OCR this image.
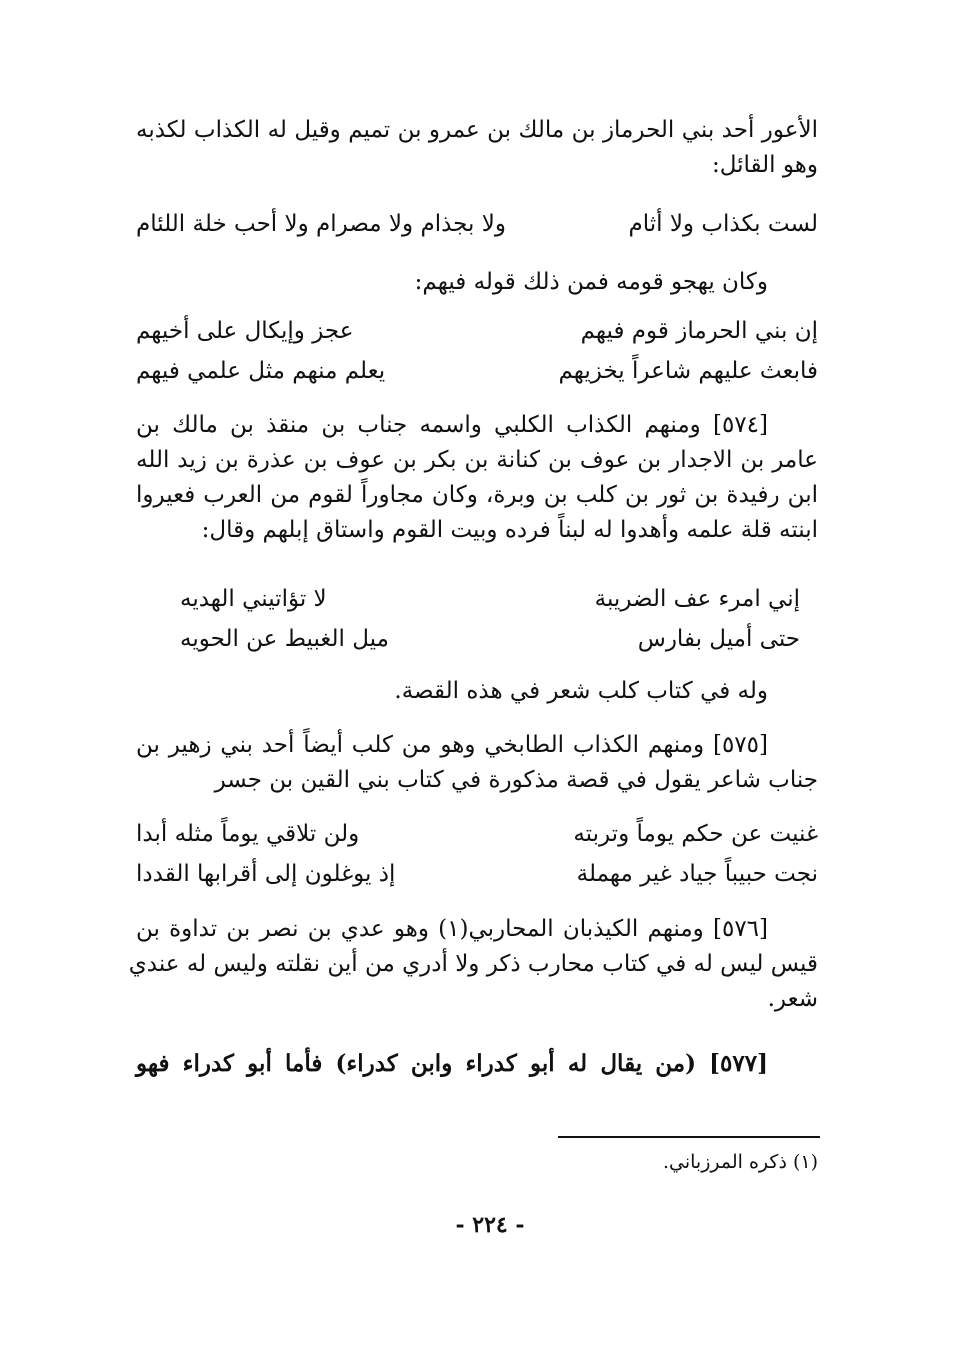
الأعور أحد بني الحرماز بن مالك بن عمرو بن تميم وقيل له الكذاب لكذبه
وهو القائل:
لست بكذاب ولا أثام
ولا بجذام ولا مصرام ولا أحب خلة اللئام
وكان يهجو قومه فمن ذلك قوله فيهم:
إن بني الحرماز قوم فيهم
عجز وإيكال على أخيهم
فابعث عليهم شاعراً يخزيهم
يعلم منهم مثل علمي فيهم
[٥٧٤] ومنهم الكذاب الكلبي واسمه جناب بن منقذ بن مالك بن
عامر بن الاجدار بن عوف بن كنانة بن بكر بن عوف بن عذرة بن زيد الله
ابن رفيدة بن ثور بن كلب بن وبرة، وكان مجاوراً لقوم من العرب فعيروا
ابنته قلة علمه وأهدوا له لبناً فرده وبيت القوم واستاق إبلهم وقال:
إني امرء عف الضريبة
لا تؤاتيني الهديه
حتى أميل بفارس
ميل الغبيط عن الحويه
وله في كتاب كلب شعر في هذه القصة.
[٥٧٥] ومنهم الكذاب الطابخي وهو من كلب أيضاً أحد بني زهير بن
جناب شاعر يقول في قصة مذكورة في كتاب بني القين بن جسر
غنيت عن حكم يوماً وتربته
ولن تلاقي يوماً مثله أبدا
نجت حبيباً جياد غير مهملة
إذ يوغلون إلى أقرابها القددا
[٥٧٦] ومنهم الكيذبان المحاربي(١) وهو عدي بن نصر بن تداوة بن
قيس ليس له في كتاب محارب ذكر ولا أدري من أين نقلته وليس له عندي
شعر.
[٥٧٧] (من يقال له أبو كدراء وابن كدراء) فأما أبو كدراء فهو
(١) ذكره المرزباني.
- ٢٢٤ -
